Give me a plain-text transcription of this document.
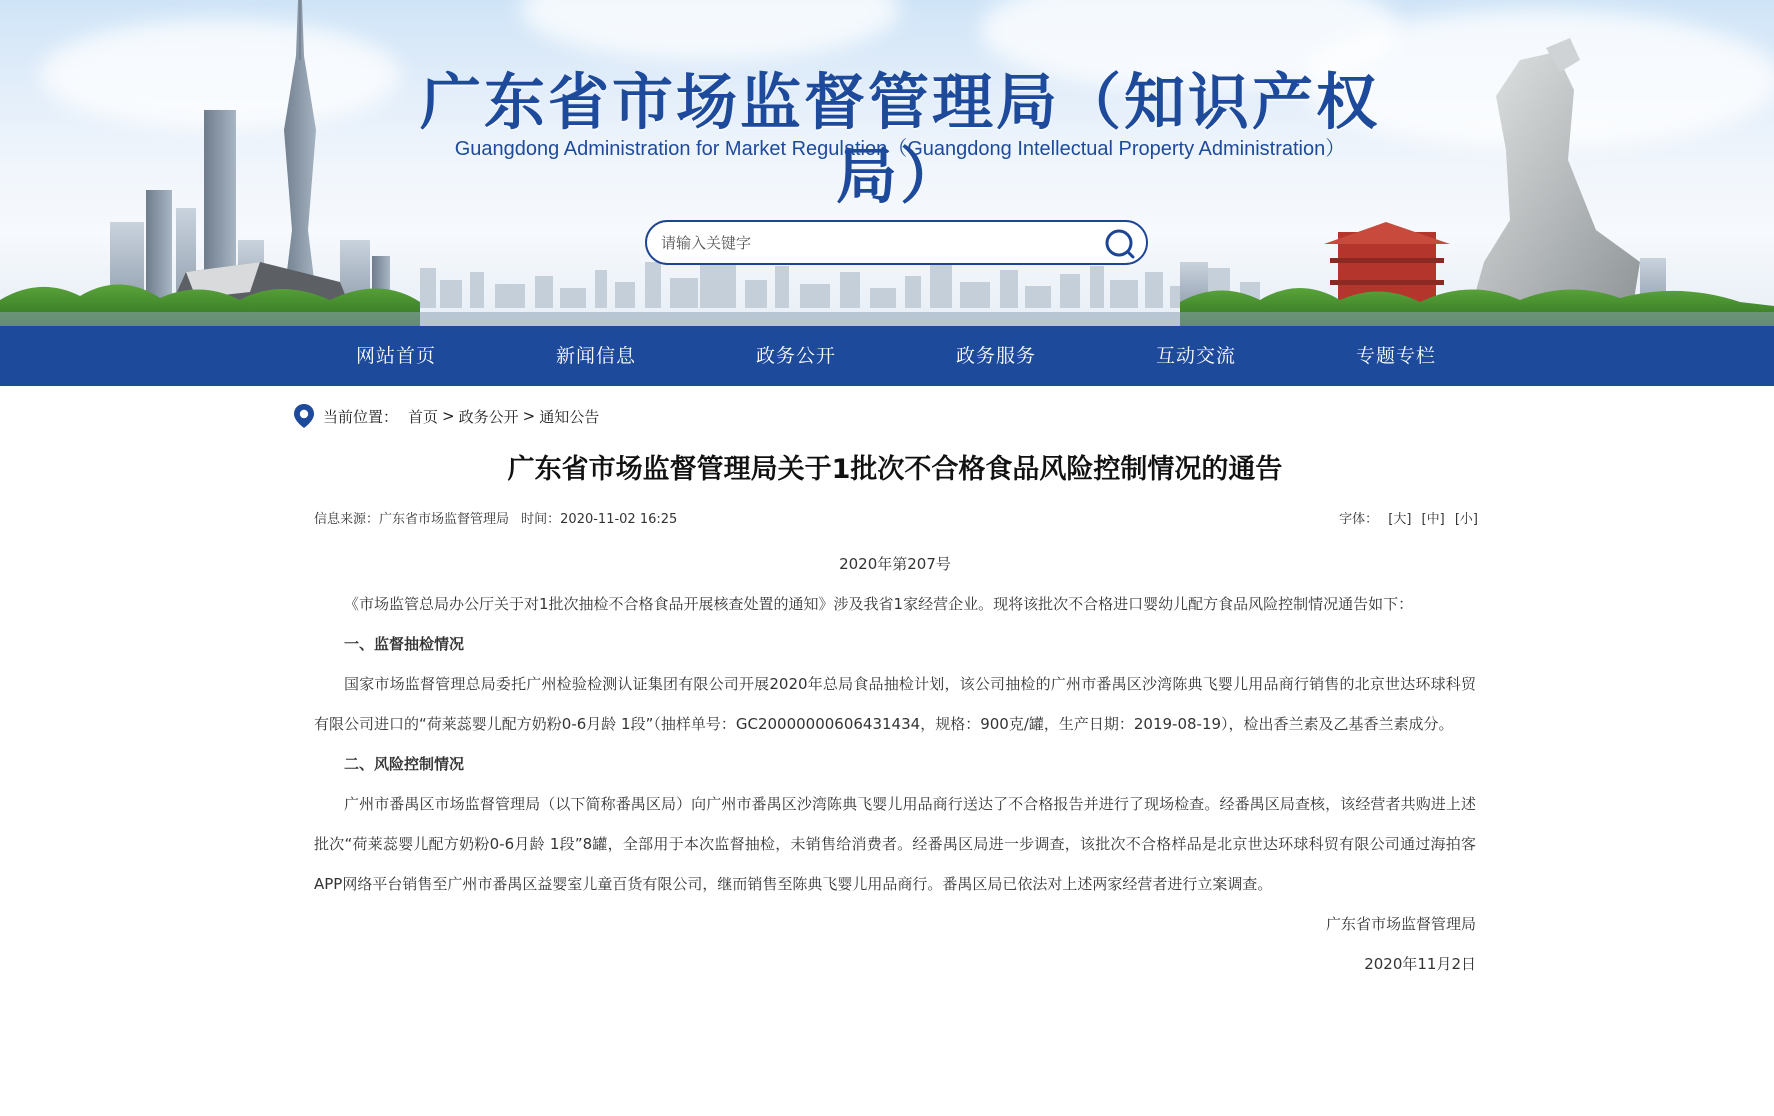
广东省市场监督管理局（知识产权局）
Guangdong Administration for Market Regulation（Guangdong Intellectual Property Administration）
请输入关键字
网站首页	新闻信息	政务公开	政务服务	互动交流	专题专栏
当前位置： 首页 > 政务公开 > 通知公告
广东省市场监督管理局关于1批次不合格食品风险控制情况的通告
信息来源：广东省市场监督管理局 时间：2020-11-02 16:25	字体： [大] [中] [小]

2020年第207号

《市场监管总局办公厅关于对1批次抽检不合格食品开展核查处置的通知》涉及我省1家经营企业。现将该批次不合格进口婴幼儿配方食品风险控制情况通告如下：

一、监督抽检情况

国家市场监督管理总局委托广州检验检测认证集团有限公司开展2020年总局食品抽检计划，该公司抽检的广州市番禺区沙湾陈典飞婴儿用品商行销售的北京世达环球科贸有限公司进口的“荷莱蕊婴儿配方奶粉0-6月龄 1段”（抽样单号：GC20000000606431434，规格：900克/罐，生产日期：2019-08-19），检出香兰素及乙基香兰素成分。

二、风险控制情况

广州市番禺区市场监督管理局（以下简称番禺区局）向广州市番禺区沙湾陈典飞婴儿用品商行送达了不合格报告并进行了现场检查。经番禺区局查核，该经营者共购进上述批次“荷莱蕊婴儿配方奶粉0-6月龄 1段”8罐，全部用于本次监督抽检，未销售给消费者。经番禺区局进一步调查，该批次不合格样品是北京世达环球科贸有限公司通过海拍客APP网络平台销售至广州市番禺区益婴室儿童百货有限公司，继而销售至陈典飞婴儿用品商行。番禺区局已依法对上述两家经营者进行立案调查。

广东省市场监督管理局

2020年11月2日
